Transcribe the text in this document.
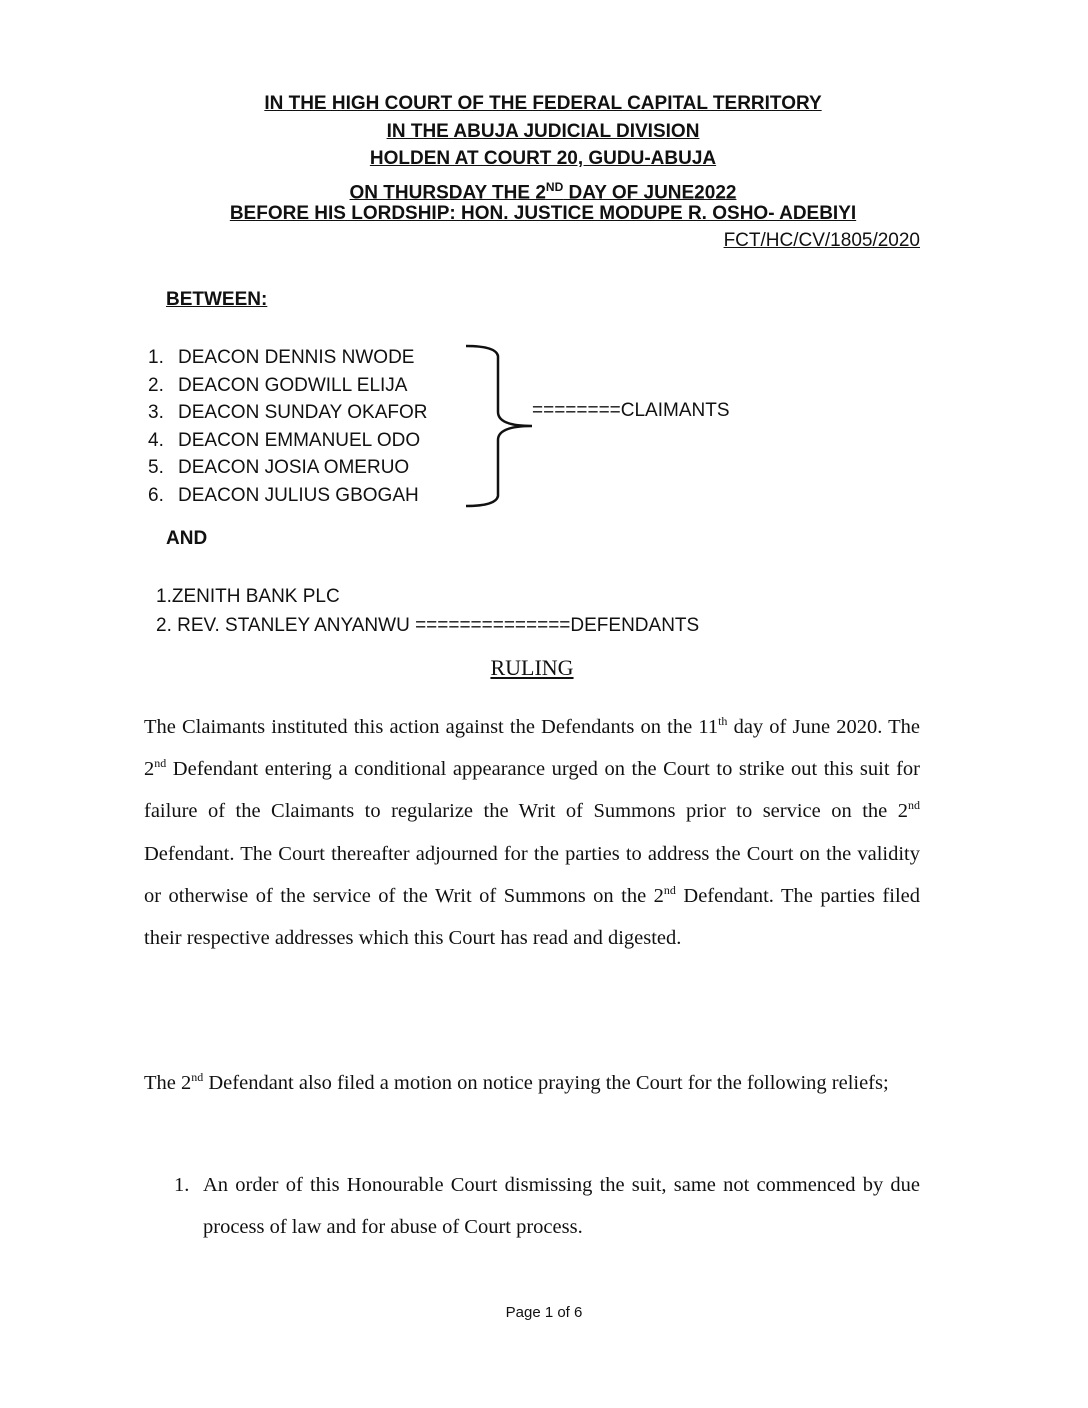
IN THE HIGH COURT OF THE FEDERAL CAPITAL TERRITORY

IN THE ABUJA JUDICIAL DIVISION

HOLDEN AT COURT 20, GUDU-ABUJA

ON THURSDAY THE 2ND DAY OF JUNE2022

BEFORE HIS LORDSHIP: HON. JUSTICE MODUPE R. OSHO- ADEBIYI

FCT/HC/CV/1805/2020
BETWEEN:
1. DEACON DENNIS NWODE
2. DEACON GODWILL ELIJA
3. DEACON SUNDAY OKAFOR
4. DEACON EMMANUEL ODO
5. DEACON JOSIA OMERUO
6. DEACON JULIUS GBOGAH
========CLAIMANTS
AND
1.ZENITH BANK PLC
2. REV. STANLEY ANYANWU ==============DEFENDANTS
RULING

The Claimants instituted this action against the Defendants on the 11th day of June 2020. The 2nd Defendant entering a conditional appearance urged on the Court to strike out this suit for failure of the Claimants to regularize the Writ of Summons prior to service on the 2nd Defendant. The Court thereafter adjourned for the parties to address the Court on the validity or otherwise of the service of the Writ of Summons on the 2nd Defendant. The parties filed their respective addresses which this Court has read and digested.

The 2nd Defendant also filed a motion on notice praying the Court for the following reliefs;

1. An order of this Honourable Court dismissing the suit, same not commenced by due process of law and for abuse of Court process.
Page 1 of 6
